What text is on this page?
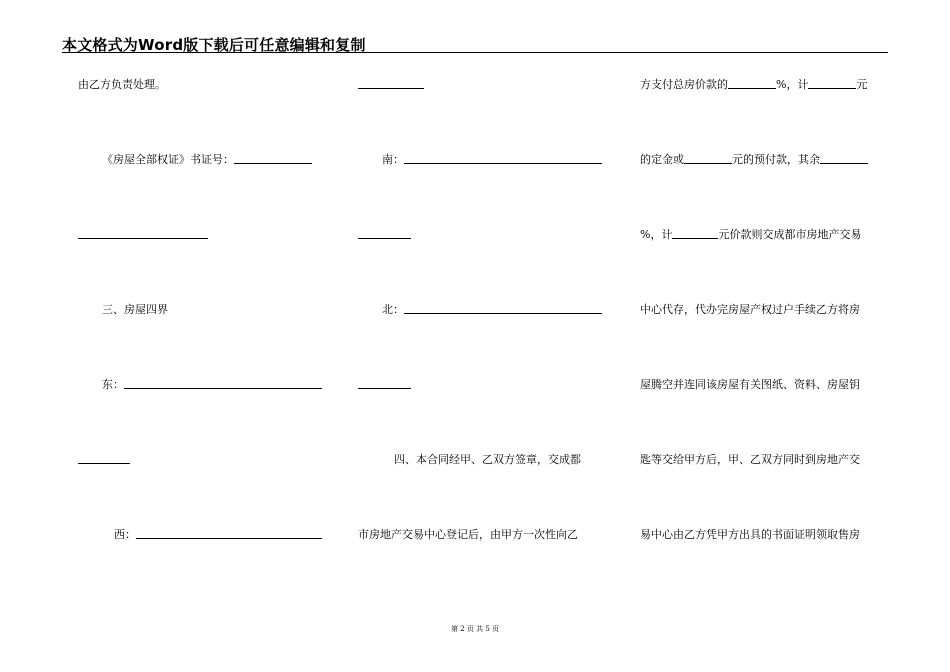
本文格式为Word版下载后可任意编辑和复制
由乙方负责处理。
《房屋全部权证》书证号：
三、房屋四界
东：
西：
南：
北：
四、本合同经甲、乙双方签章，交成都
市房地产交易中心登记后，由甲方一次性向乙
方支付总房价款的	%，计	元
的定金或	元的预付款，其余
%，计	元价款则交成都市房地产交易
中心代存，代办完房屋产权过户手续乙方将房
屋腾空并连同该房屋有关图纸、资料、房屋钥
匙等交给甲方后，甲、乙双方同时到房地产交
易中心由乙方凭甲方出具的书面证明领取售房
第 2 页 共 5 页
